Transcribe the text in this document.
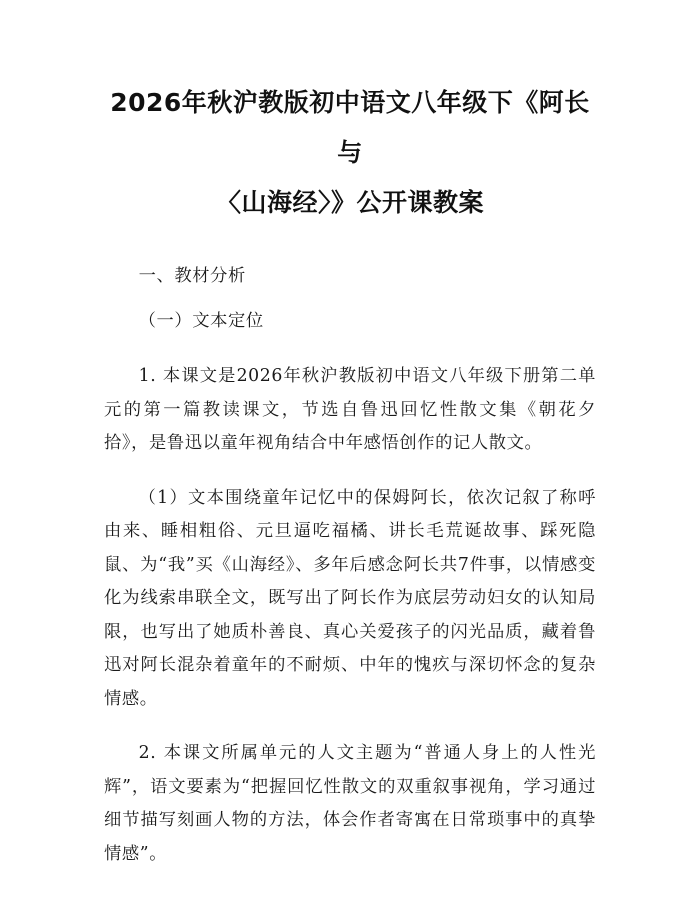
2026年秋沪教版初中语文八年级下《阿长与
〈山海经〉》公开课教案

一、教材分析

（一）文本定位

1. 本课文是2026年秋沪教版初中语文八年级下册第二单元的第一篇教读课文，节选自鲁迅回忆性散文集《朝花夕拾》，是鲁迅以童年视角结合中年感悟创作的记人散文。

（1）文本围绕童年记忆中的保姆阿长，依次记叙了称呼由来、睡相粗俗、元旦逼吃福橘、讲长毛荒诞故事、踩死隐鼠、为“我”买《山海经》、多年后感念阿长共7件事，以情感变化为线索串联全文，既写出了阿长作为底层劳动妇女的认知局限，也写出了她质朴善良、真心关爱孩子的闪光品质，藏着鲁迅对阿长混杂着童年的不耐烦、中年的愧疚与深切怀念的复杂情感。

2. 本课文所属单元的人文主题为“普通人身上的人性光辉”，语文要素为“把握回忆性散文的双重叙事视角，学习通过细节描写刻画人物的方法，体会作者寄寓在日常琐事中的真挚情感”。
